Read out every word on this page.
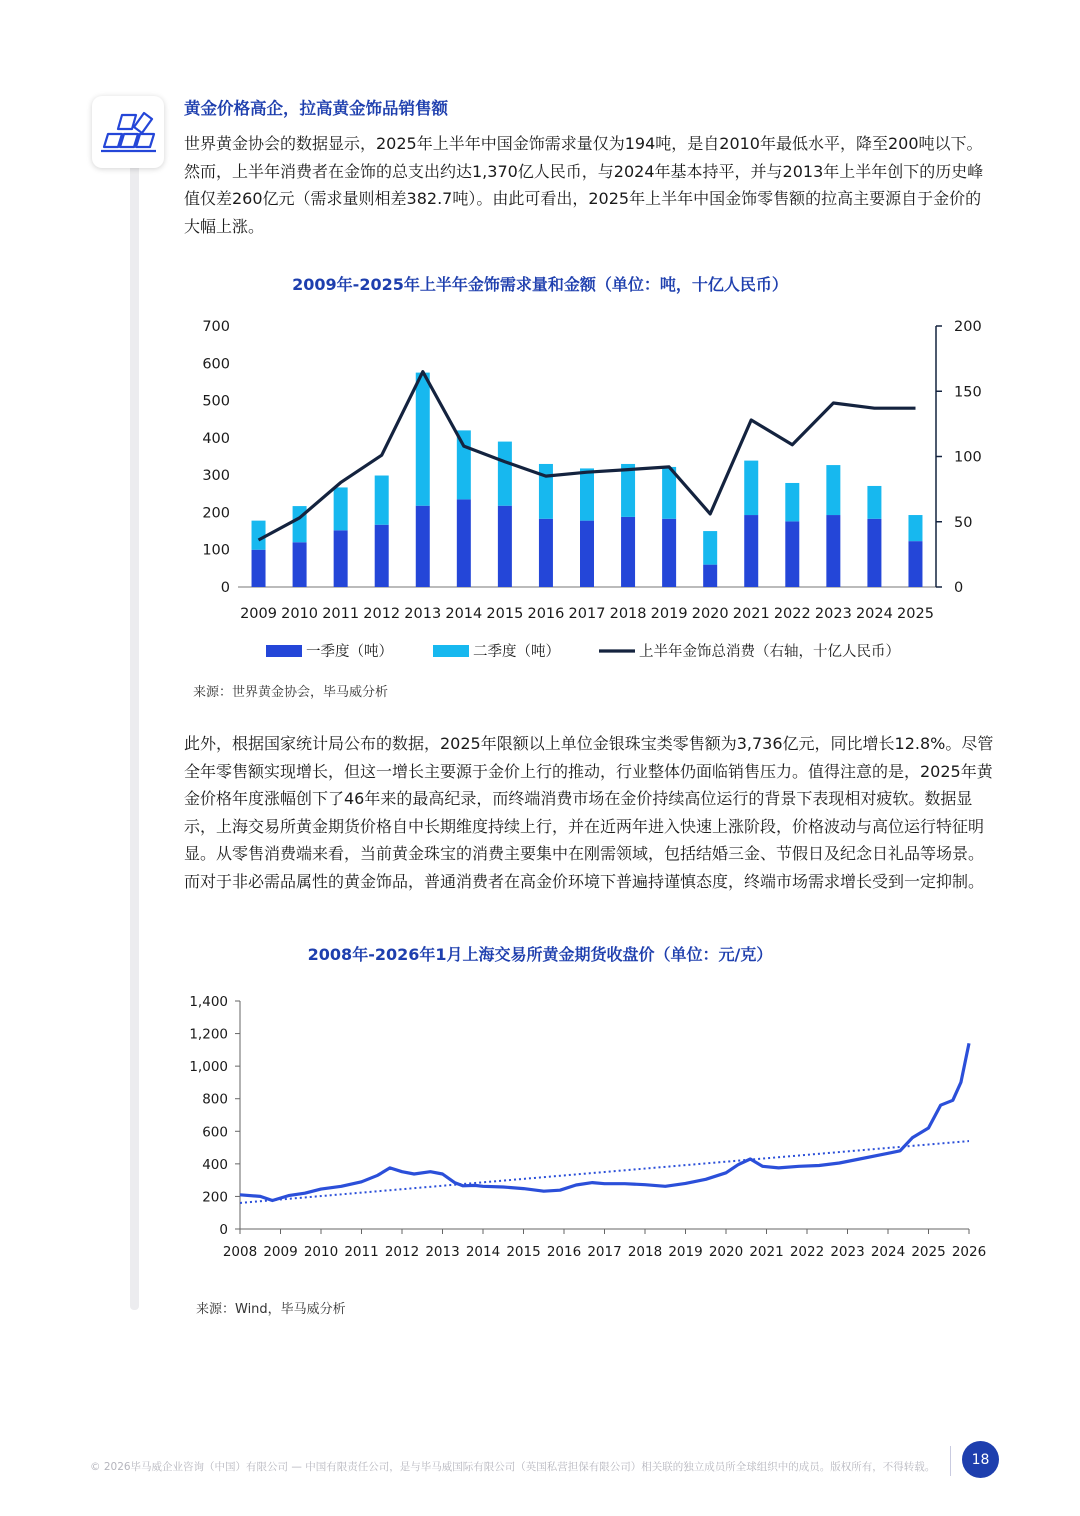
黄金价格高企，拉高黄金饰品销售额

世界黄金协会的数据显示，2025年上半年中国金饰需求量仅为194吨，是自2010年最低水平，降至200吨以下。然而，上半年消费者在金饰的总支出约达1,370亿人民币，与2024年基本持平，并与2013年上半年创下的历史峰值仅差260亿元（需求量则相差382.7吨）。由此可看出，2025年上半年中国金饰零售额的拉高主要源自于金价的大幅上涨。

2009年-2025年上半年金饰需求量和金额（单位：吨，十亿人民币）
700
600
500
400
300
200
100
0
200
150
100
50
0
2009 2010 2011 2012 2013 2014 2015 2016 2017 2018 2019 2020 2021 2022 2023 2024 2025
一季度（吨）	二季度（吨）	上半年金饰总消费（右轴，十亿人民币）
来源：世界黄金协会，毕马威分析

此外，根据国家统计局公布的数据，2025年限额以上单位金银珠宝类零售额为3,736亿元，同比增长12.8%。尽管全年零售额实现增长，但这一增长主要源于金价上行的推动，行业整体仍面临销售压力。值得注意的是，2025年黄金价格年度涨幅创下了46年来的最高纪录，而终端消费市场在金价持续高位运行的背景下表现相对疲软。数据显示，上海交易所黄金期货价格自中长期维度持续上行，并在近两年进入快速上涨阶段，价格波动与高位运行特征明显。从零售消费端来看，当前黄金珠宝的消费主要集中在刚需领域，包括结婚三金、节假日及纪念日礼品等场景。而对于非必需品属性的黄金饰品，普通消费者在高金价环境下普遍持谨慎态度，终端市场需求增长受到一定抑制。

2008年-2026年1月上海交易所黄金期货收盘价（单位：元/克）
1,400
1,200
1,000
800
600
400
200
0
2008 2009 2010 2011 2012 2013 2014 2015 2016 2017 2018 2019 2020 2021 2022 2023 2024 2025 2026
来源：Wind，毕马威分析
© 2026毕马威企业咨询（中国）有限公司 — 中国有限责任公司，是与毕马威国际有限公司（英国私营担保有限公司）相关联的独立成员所全球组织中的成员。版权所有，不得转载。	18
